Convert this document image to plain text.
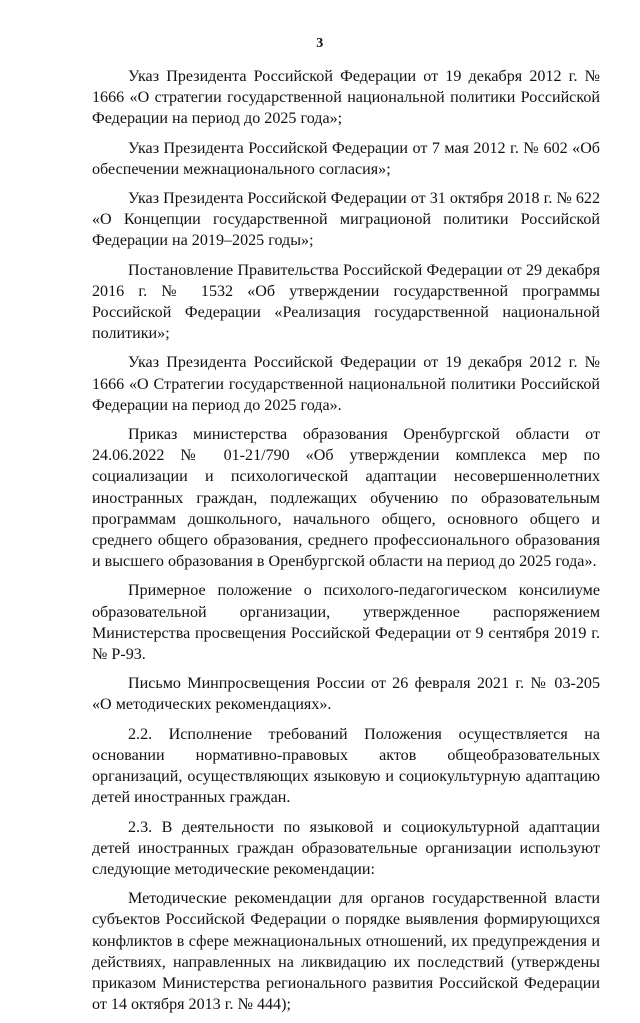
3

Указ Президента Российской Федерации от 19 декабря 2012 г. № 1666 «О стратегии государственной национальной политики Российской Федерации на период до 2025 года»;

Указ Президента Российской Федерации от 7 мая 2012 г. № 602 «Об обеспечении межнационального согласия»;

Указ Президента Российской Федерации от 31 октября 2018 г. № 622 «О Концепции государственной миграционой политики Российской Федерации на 2019–2025 годы»;

Постановление Правительства Российской Федерации от 29 декабря 2016 г. № 1532 «Об утверждении государственной программы Российской Федерации «Реализация государственной национальной политики»;

Указ Президента Российской Федерации от 19 декабря 2012 г. № 1666 «О Стратегии государственной национальной политики Российской Федерации на период до 2025 года».

Приказ министерства образования Оренбургской области от 24.06.2022 № 01-21/790 «Об утверждении комплекса мер по социализации и психологической адаптации несовершеннолетних иностранных граждан, подлежащих обучению по образовательным программам дошкольного, начального общего, основного общего и среднего общего образования, среднего профессионального образования и высшего образования в Оренбургской области на период до 2025 года».

Примерное положение о психолого-педагогическом консилиуме образовательной организации, утвержденное распоряжением Министерства просвещения Российской Федерации от 9 сентября 2019 г. № Р-93.

Письмо Минпросвещения России от 26 февраля 2021 г. № 03-205 «О методических рекомендациях».

2.2. Исполнение требований Положения осуществляется на основании нормативно-правовых актов общеобразовательных организаций, осуществляющих языковую и социокультурную адаптацию детей иностранных граждан.

2.3. В деятельности по языковой и социокультурной адаптации детей иностранных граждан образовательные организации используют следующие методические рекомендации:

Методические рекомендации для органов государственной власти субъектов Российской Федерации о порядке выявления формирующихся конфликтов в сфере межнациональных отношений, их предупреждения и действиях, направленных на ликвидацию их последствий (утверждены приказом Министерства регионального развития Российской Федерации от 14 октября 2013 г. № 444);
